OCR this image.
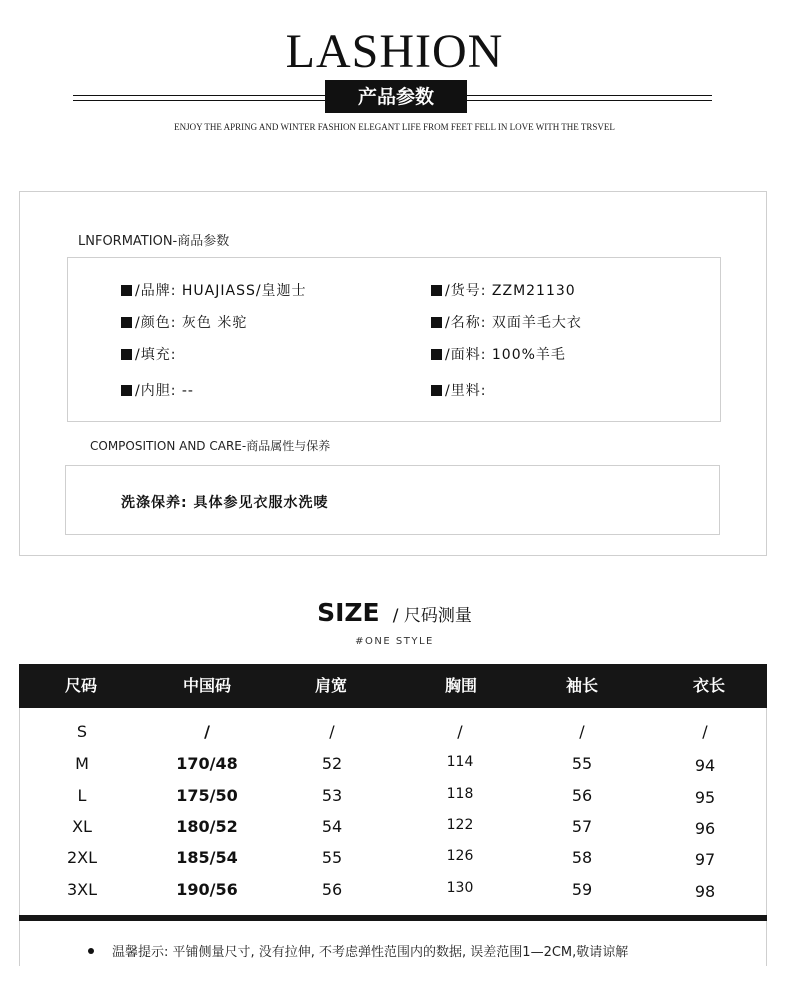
LASHION
产品参数
ENJOY THE APRING AND WINTER FASHION ELEGANT LIFE FROM FEET FELL IN LOVE WITH THE TRSVEL
LNFORMATION-商品参数
/品牌: HUAJIASS/皇迦士	/货号: ZZM21130
/颜色: 灰色 米驼	/名称: 双面羊毛大衣
/填充:	/面料: 100%羊毛
/内胆: --	/里料:
COMPOSITION AND CARE-商品属性与保养
洗涤保养: 具体参见衣服水洗唛
SIZE / 尺码测量
#ONE STYLE
尺码	中国码	肩宽	胸围	袖长	衣长
S	/	/	/	/	/
M	170/48	52	114	55	94
L	175/50	53	118	56	95
XL	180/52	54	122	57	96
2XL	185/54	55	126	58	97
3XL	190/56	56	130	59	98
温馨提示: 平铺侧量尺寸, 没有拉伸, 不考虑弹性范围内的数据, 误差范围1—2CM,敬请谅解
